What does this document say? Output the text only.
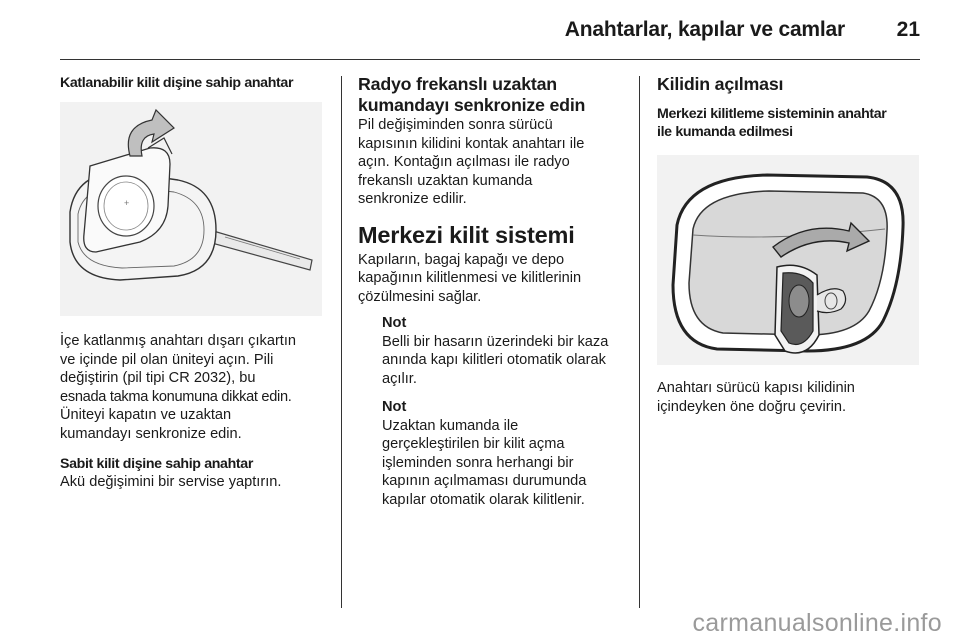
Anahtarlar, kapılar ve camlar 21

Katlanabilir kilit dişine sahip anahtar

+

İçe katlanmış anahtarı dışarı çıkartın

ve içinde pil olan üniteyi açın. Pili

değiştirin (pil tipi CR 2032), bu

esnada takma konumuna dikkat edin.

Üniteyi kapatın ve uzaktan

kumandayı senkronize edin.

Sabit kilit dişine sahip anahtar

Akü değişimini bir servise yaptırın.

Radyo frekanslı uzaktan

kumandayı senkronize edin

Pil değişiminden sonra sürücü

kapısının kilidini kontak anahtarı ile

açın. Kontağın açılması ile radyo

frekanslı uzaktan kumanda

senkronize edilir.

Merkezi kilit sistemi

Kapıların, bagaj kapağı ve depo

kapağının kilitlenmesi ve kilitlerinin

çözülmesini sağlar.

Not

Belli bir hasarın üzerindeki bir kaza

anında kapı kilitleri otomatik olarak

açılır.

Not

Uzaktan kumanda ile

gerçekleştirilen bir kilit açma

işleminden sonra herhangi bir

kapının açılmaması durumunda

kapılar otomatik olarak kilitlenir.

Kilidin açılması

Merkezi kilitleme sisteminin anahtar

ile kumanda edilmesi

Anahtarı sürücü kapısı kilidinin

içindeyken öne doğru çevirin.

carmanualsonline.info
